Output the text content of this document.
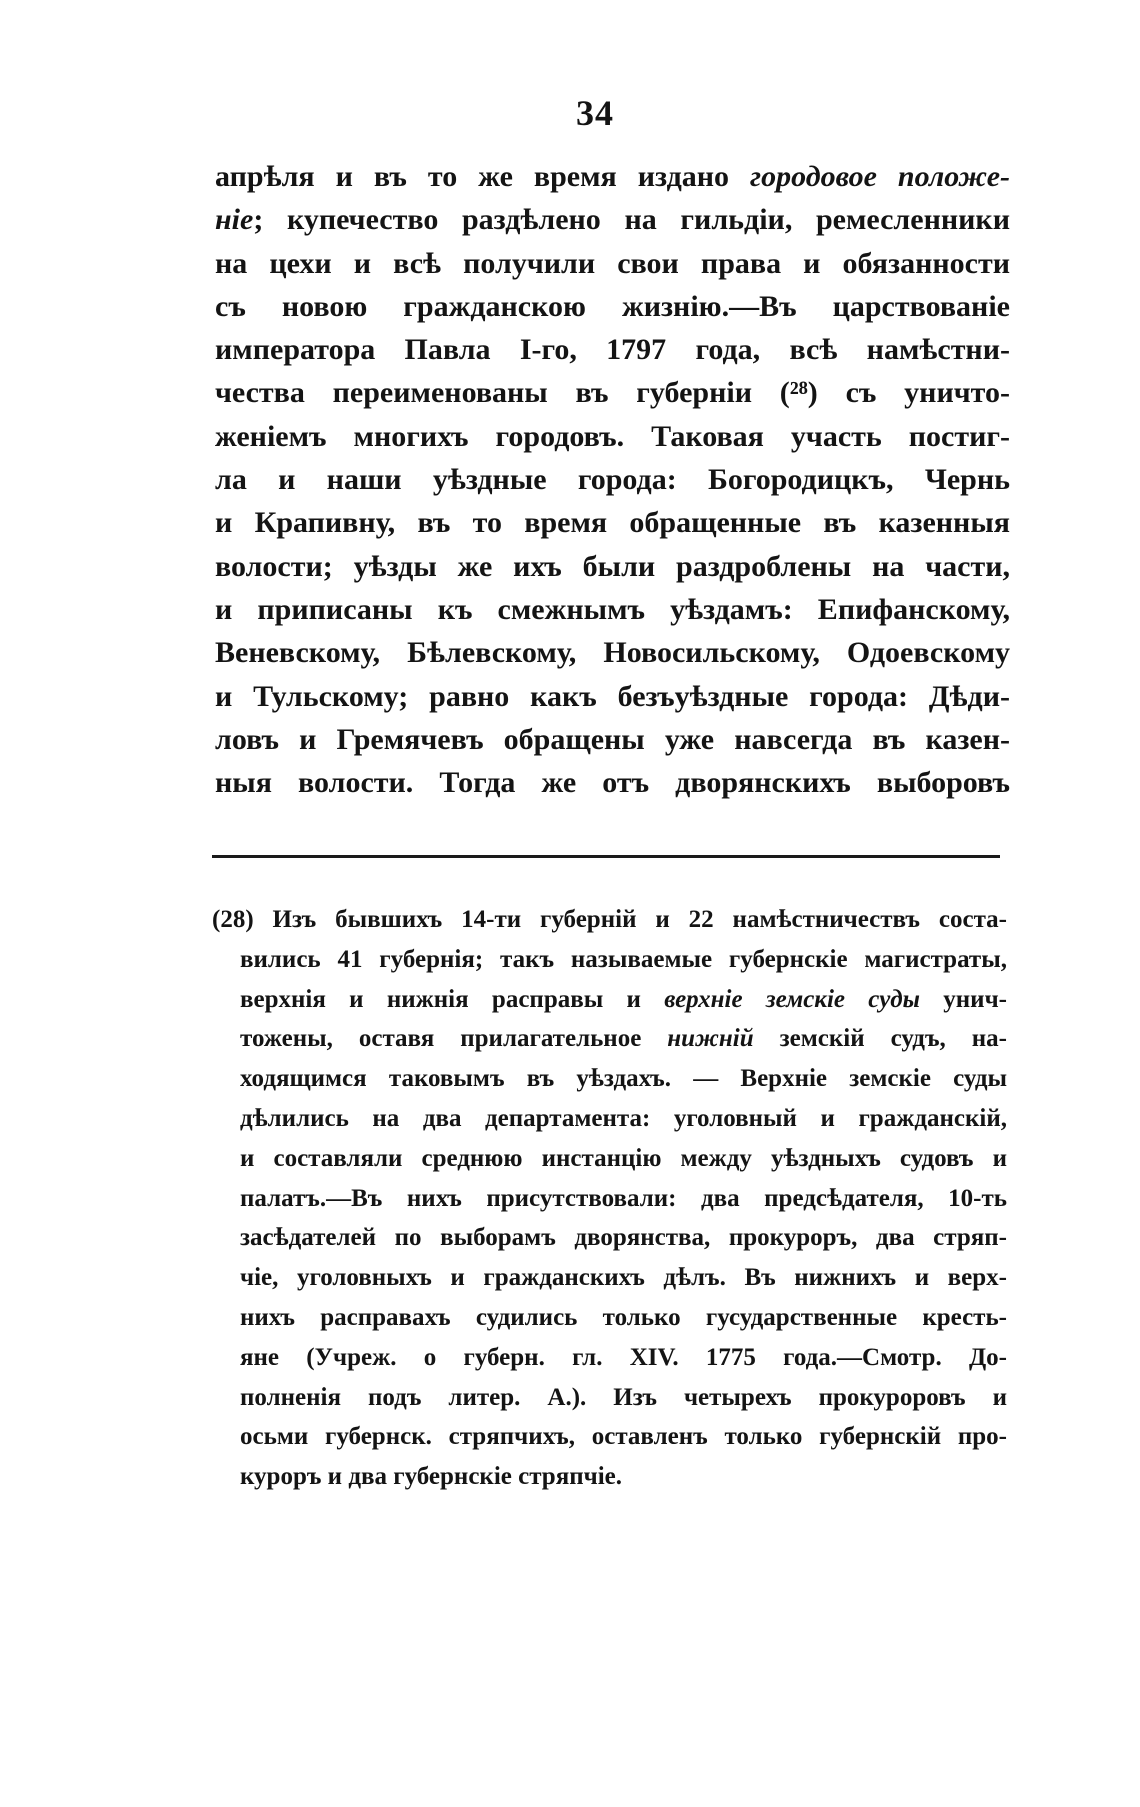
34
апрѣля и въ то же время издано городовое положе-
ніе; купечество раздѣлено на гильдіи, ремесленники
на цехи и всѣ получили свои права и обязанности
съ новою гражданскою жизнію.—Въ царствованіе
императора Павла I-го, 1797 года, всѣ намѣстни-
чества переименованы въ губерніи (²⁸) съ уничто-
женіемъ многихъ городовъ. Таковая участь постиг-
ла и наши уѣздные города: Богородицкъ, Чернь
и Крапивну, въ то время обращенные въ казенныя
волости; уѣзды же ихъ были раздроблены на части,
и приписаны къ смежнымъ уѣздамъ: Епифанскому,
Веневскому, Бѣлевскому, Новосильскому, Одоевскому
и Тульскому; равно какъ безъуѣздные города: Дѣди-
ловъ и Гремячевъ обращены уже навсегда въ казен-
ныя волости. Тогда же отъ дворянскихъ выборовъ
(28) Изъ бывшихъ 14-ти губерній и 22 намѣстничествъ соста-
вились 41 губернія; такъ называемые губернскіе магистраты,
верхнія и нижнія расправы и верхніе земскіе суды унич-
тожены, оставя прилагательное нижній земскій судъ, на-
ходящимся таковымъ въ уѣздахъ. — Верхніе земскіе суды
дѣлились на два департамента: уголовный и гражданскій,
и составляли среднюю инстанцію между уѣздныхъ судовъ и
палатъ.—Въ нихъ присутствовали: два предсѣдателя, 10-ть
засѣдателей по выборамъ дворянства, прокуроръ, два стряп-
чіе, уголовныхъ и гражданскихъ дѣлъ. Въ нижнихъ и верх-
нихъ расправахъ судились только гусударственные кресть-
яне (Учреж. о губерн. гл. XIV. 1775 года.—Смотр. До-
полненія подъ литер. А.). Изъ четырехъ прокуроровъ и
осьми губернск. стряпчихъ, оставленъ только губернскій про-
куроръ и два губернскіе стряпчіе.
